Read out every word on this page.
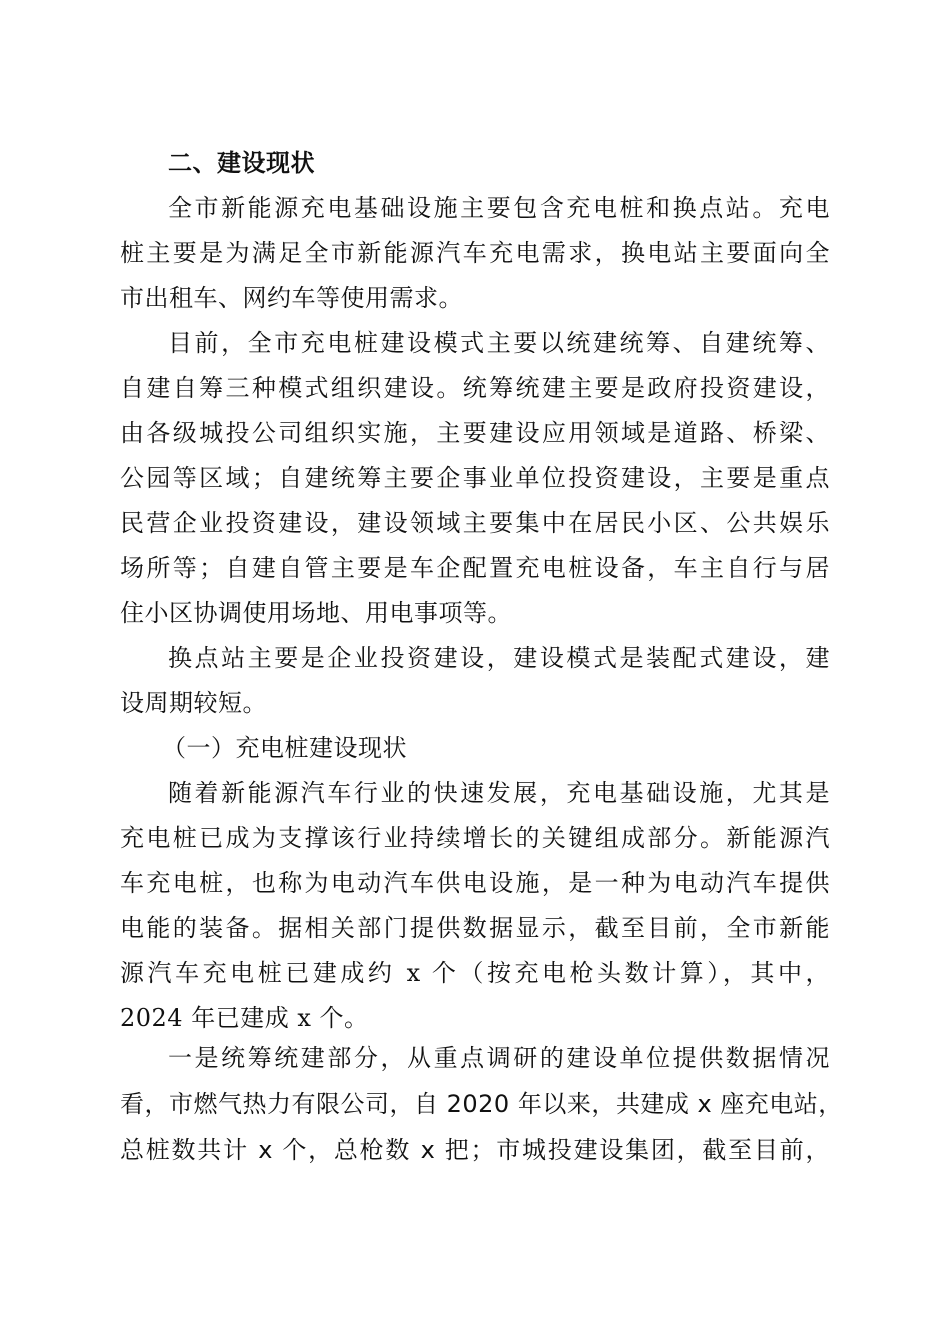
二、建设现状
全市新能源充电基础设施主要包含充电桩和换点站。充电
桩主要是为满足全市新能源汽车充电需求，换电站主要面向全
市出租车、网约车等使用需求。
目前，全市充电桩建设模式主要以统建统筹、自建统筹、
自建自筹三种模式组织建设。统筹统建主要是政府投资建设，
由各级城投公司组织实施，主要建设应用领域是道路、桥梁、
公园等区域；自建统筹主要企事业单位投资建设，主要是重点
民营企业投资建设，建设领域主要集中在居民小区、公共娱乐
场所等；自建自管主要是车企配置充电桩设备，车主自行与居
住小区协调使用场地、用电事项等。
换点站主要是企业投资建设，建设模式是装配式建设，建
设周期较短。
（一）充电桩建设现状
随着新能源汽车行业的快速发展，充电基础设施，尤其是
充电桩已成为支撑该行业持续增长的关键组成部分。新能源汽
车充电桩，也称为电动汽车供电设施，是一种为电动汽车提供
电能的装备。据相关部门提供数据显示，截至目前，全市新能
源汽车充电桩已建成约 x 个（按充电枪头数计算），其中，
2024 年已建成 x 个。
一是统筹统建部分，从重点调研的建设单位提供数据情况
看，市燃气热力有限公司，自 2020 年以来，共建成 x 座充电站，
总桩数共计 x 个，总枪数 x 把；市城投建设集团，截至目前，
